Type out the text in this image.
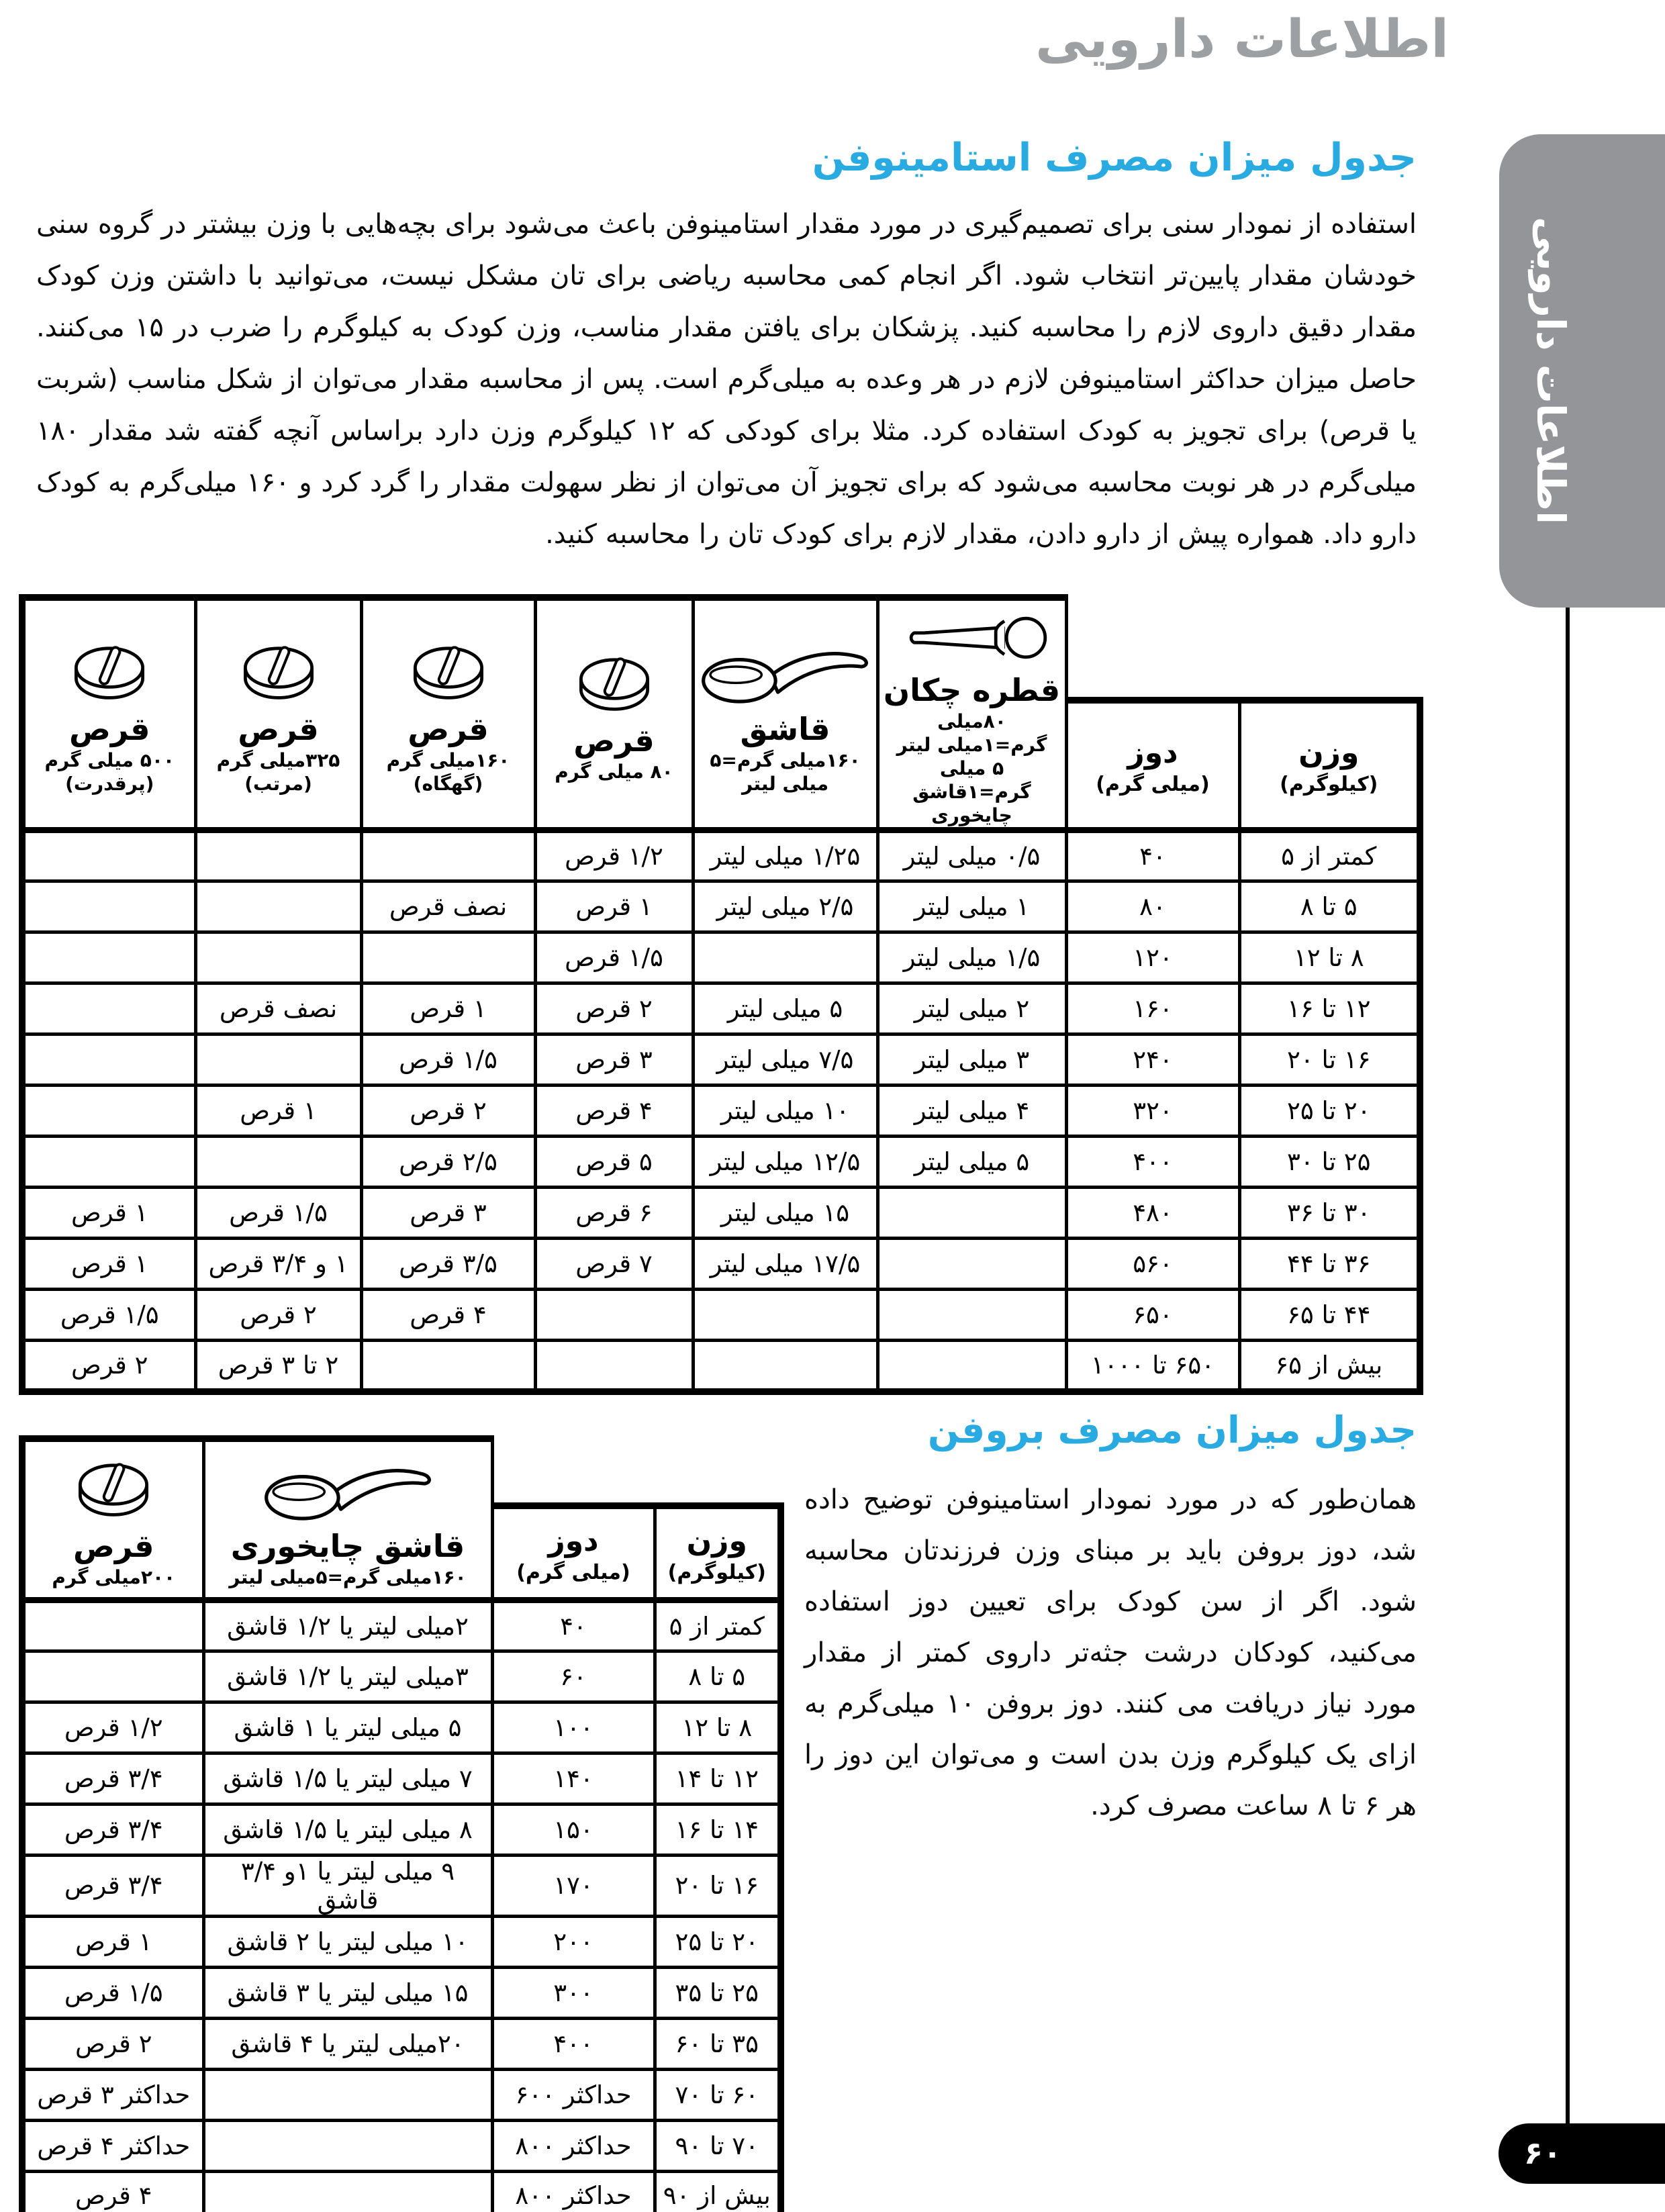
اطلاعات دارویی
جدول میزان مصرف استامینوفن
استفاده از نمودار سنی برای تصمیم‌گیری در مورد مقدار استامینوفن باعث می‌شود برای بچه‌هایی با وزن بیشتر در گروه سنی خودشان مقدار پایین‌تر انتخاب شود. اگر انجام کمی محاسبه ریاضی برای تان مشکل نیست، می‌توانید با داشتن وزن کودک مقدار دقیق داروی لازم را محاسبه کنید. پزشکان برای یافتن مقدار مناسب، وزن کودک به کیلوگرم را ضرب در ۱۵ می‌کنند. حاصل میزان حداکثر استامینوفن لازم در هر وعده به میلی‌گرم است. پس از محاسبه مقدار می‌توان از شکل مناسب (شربت یا قرص) برای تجویز به کودک استفاده کرد. مثلا برای کودکی که ۱۲ کیلوگرم وزن دارد براساس آنچه گفته شد مقدار ۱۸۰ میلی‌گرم در هر نوبت محاسبه می‌شود که برای تجویز آن می‌توان از نظر سهولت مقدار را گرد کرد و ۱۶۰ میلی‌گرم به کودک دارو داد. همواره پیش از دارو دادن، مقدار لازم برای کودک تان را محاسبه کنید.

قطره چکان
۸۰میلی گرم=۱میلی لیتر
۵ میلی گرم=۱قاشق
چایخوری

قاشق
۱۶۰میلی گرم=۵
میلی لیتر

قرص
۸۰ میلی گرم

قرص
۱۶۰میلی گرم
(گهگاه)

قرص
۳۲۵میلی گرم
(مرتب)

قرص
۵۰۰ میلی گرم
(پرقدرت)

وزن
(کیلوگرم)

دوز
(میلی گرم)

کمتر از ۵	۴۰	۰/۵ میلی لیتر	۱/۲۵ میلی لیتر	۱/۲ قرص			
۵ تا ۸	۸۰	۱ میلی لیتر	۲/۵ میلی لیتر	۱ قرص	نصف قرص		
۸ تا ۱۲	۱۲۰	۱/۵ میلی لیتر		۱/۵ قرص			
۱۲ تا ۱۶	۱۶۰	۲ میلی لیتر	۵ میلی لیتر	۲ قرص	۱ قرص	نصف قرص	
۱۶ تا ۲۰	۲۴۰	۳ میلی لیتر	۷/۵ میلی لیتر	۳ قرص	۱/۵ قرص		
۲۰ تا ۲۵	۳۲۰	۴ میلی لیتر	۱۰ میلی لیتر	۴ قرص	۲ قرص	۱ قرص	
۲۵ تا ۳۰	۴۰۰	۵ میلی لیتر	۱۲/۵ میلی لیتر	۵ قرص	۲/۵ قرص		
۳۰ تا ۳۶	۴۸۰		۱۵ میلی لیتر	۶ قرص	۳ قرص	۱/۵ قرص	۱ قرص
۳۶ تا ۴۴	۵۶۰		۱۷/۵ میلی لیتر	۷ قرص	۳/۵ قرص	۱ و ۳/۴ قرص	۱ قرص
۴۴ تا ۶۵	۶۵۰				۴ قرص	۲ قرص	۱/۵ قرص
بیش از ۶۵	۶۵۰ تا ۱۰۰۰					۲ تا ۳ قرص	۲ قرص
جدول میزان مصرف بروفن
همان‌طور که در مورد نمودار استامینوفن توضیح داده شد، دوز بروفن باید بر مبنای وزن فرزندتان محاسبه شود. اگر از سن کودک برای تعیین دوز استفاده می‌کنید، کودکان درشت جثه‌تر داروی کمتر از مقدار مورد نیاز دریافت می کنند. دوز بروفن ۱۰ میلی‌گرم به ازای یک کیلوگرم وزن بدن است و می‌توان این دوز را هر ۶ تا ۸ ساعت مصرف کرد.

قاشق چایخوری
۱۶۰میلی گرم=۵میلی لیتر

قرص
۲۰۰میلی گرم

وزن
(کیلوگرم)

دوز
(میلی گرم)

کمتر از ۵	۴۰	۲میلی لیتر یا ۱/۲ قاشق	
۵ تا ۸	۶۰	۳میلی لیتر یا ۱/۲ قاشق	
۸ تا ۱۲	۱۰۰	۵ میلی لیتر یا ۱ قاشق	۱/۲ قرص
۱۲ تا ۱۴	۱۴۰	۷ میلی لیتر یا ۱/۵ قاشق	۳/۴ قرص
۱۴ تا ۱۶	۱۵۰	۸ میلی لیتر یا ۱/۵ قاشق	۳/۴ قرص
۱۶ تا ۲۰	۱۷۰	۹ میلی لیتر یا ۱و ۳/۴ قاشق	۳/۴ قرص
۲۰ تا ۲۵	۲۰۰	۱۰ میلی لیتر یا ۲ قاشق	۱ قرص
۲۵ تا ۳۵	۳۰۰	۱۵ میلی لیتر یا ۳ قاشق	۱/۵ قرص
۳۵ تا ۶۰	۴۰۰	۲۰میلی لیتر یا ۴ قاشق	۲ قرص
۶۰ تا ۷۰	حداکثر ۶۰۰		حداکثر ۳ قرص
۷۰ تا ۹۰	حداکثر ۸۰۰		حداکثر ۴ قرص
بیش از ۹۰	حداکثر ۸۰۰		۴ قرص
اطلاعات دارویی
۶۰
